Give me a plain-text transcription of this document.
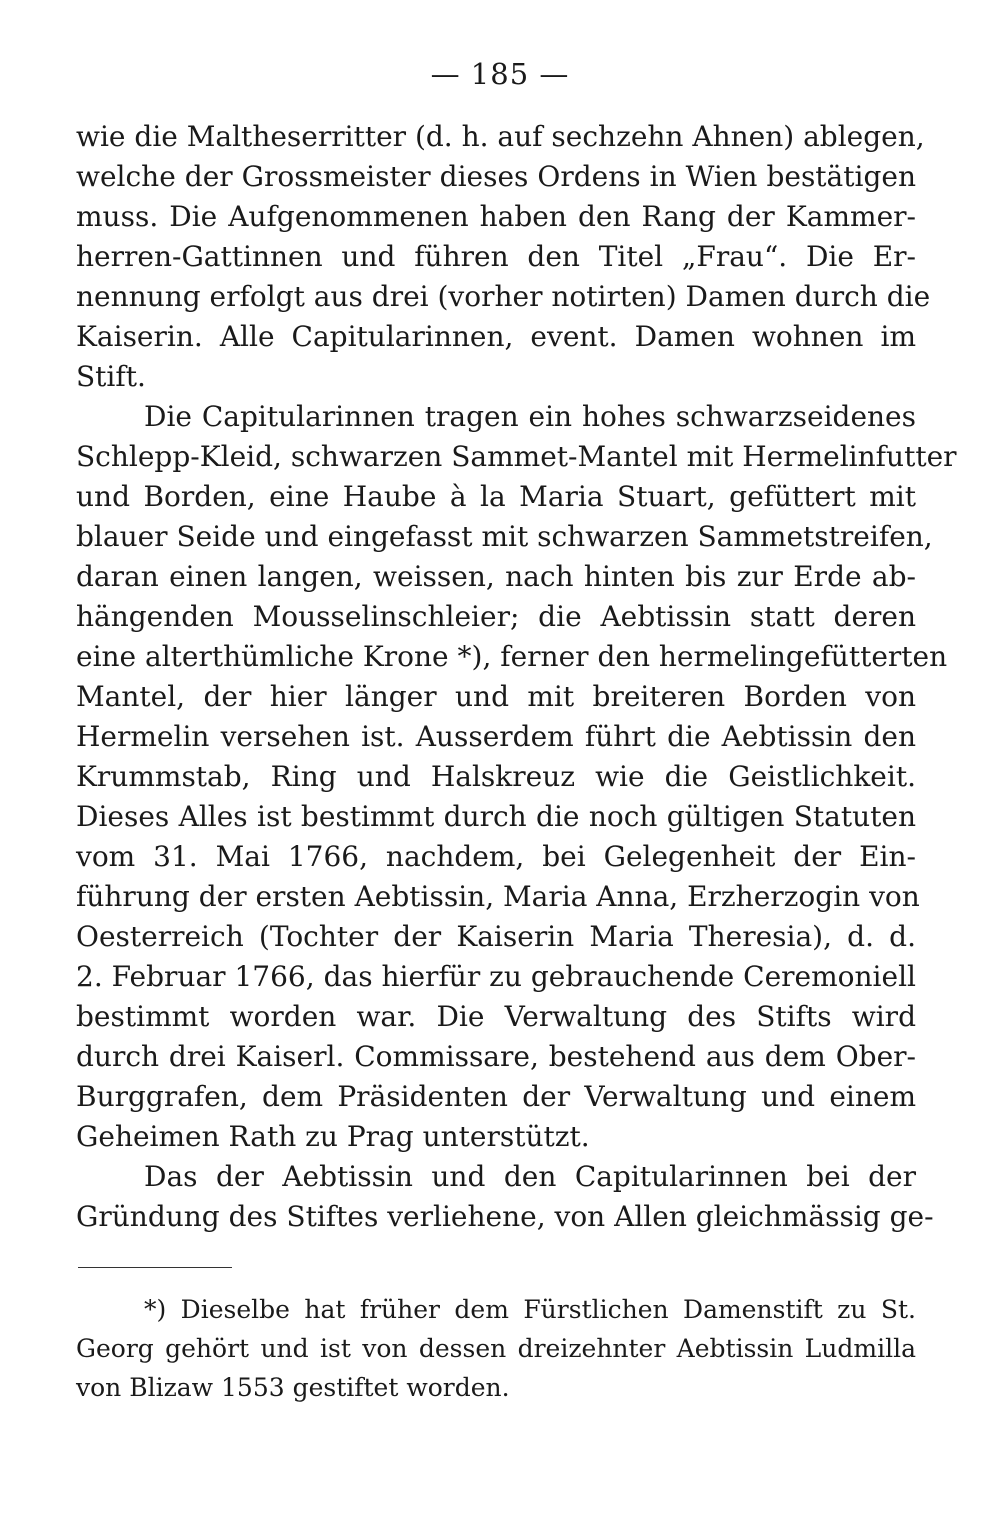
— 185 —
wie die Maltheserritter (d. h. auf sechzehn Ahnen) ablegen,
welche der Grossmeister dieses Ordens in Wien bestätigen
muss. Die Aufgenommenen haben den Rang der Kammer-
herren-Gattinnen und führen den Titel „Frau“. Die Er-
nennung erfolgt aus drei (vorher notirten) Damen durch die
Kaiserin. Alle Capitularinnen, event. Damen wohnen im
Stift.
Die Capitularinnen tragen ein hohes schwarzseidenes
Schlepp-Kleid, schwarzen Sammet-Mantel mit Hermelinfutter
und Borden, eine Haube à la Maria Stuart, gefüttert mit
blauer Seide und eingefasst mit schwarzen Sammetstreifen,
daran einen langen, weissen, nach hinten bis zur Erde ab-
hängenden Mousselinschleier; die Aebtissin statt deren
eine alterthümliche Krone *), ferner den hermelingefütterten
Mantel, der hier länger und mit breiteren Borden von
Hermelin versehen ist. Ausserdem führt die Aebtissin den
Krummstab, Ring und Halskreuz wie die Geistlichkeit.
Dieses Alles ist bestimmt durch die noch gültigen Statuten
vom 31. Mai 1766, nachdem, bei Gelegenheit der Ein-
führung der ersten Aebtissin, Maria Anna, Erzherzogin von
Oesterreich (Tochter der Kaiserin Maria Theresia), d. d.
2. Februar 1766, das hierfür zu gebrauchende Ceremoniell
bestimmt worden war. Die Verwaltung des Stifts wird
durch drei Kaiserl. Commissare, bestehend aus dem Ober-
Burggrafen, dem Präsidenten der Verwaltung und einem
Geheimen Rath zu Prag unterstützt.
Das der Aebtissin und den Capitularinnen bei der
Gründung des Stiftes verliehene, von Allen gleichmässig ge-
*) Dieselbe hat früher dem Fürstlichen Damenstift zu St.
Georg gehört und ist von dessen dreizehnter Aebtissin Ludmilla
von Blizaw 1553 gestiftet worden.
